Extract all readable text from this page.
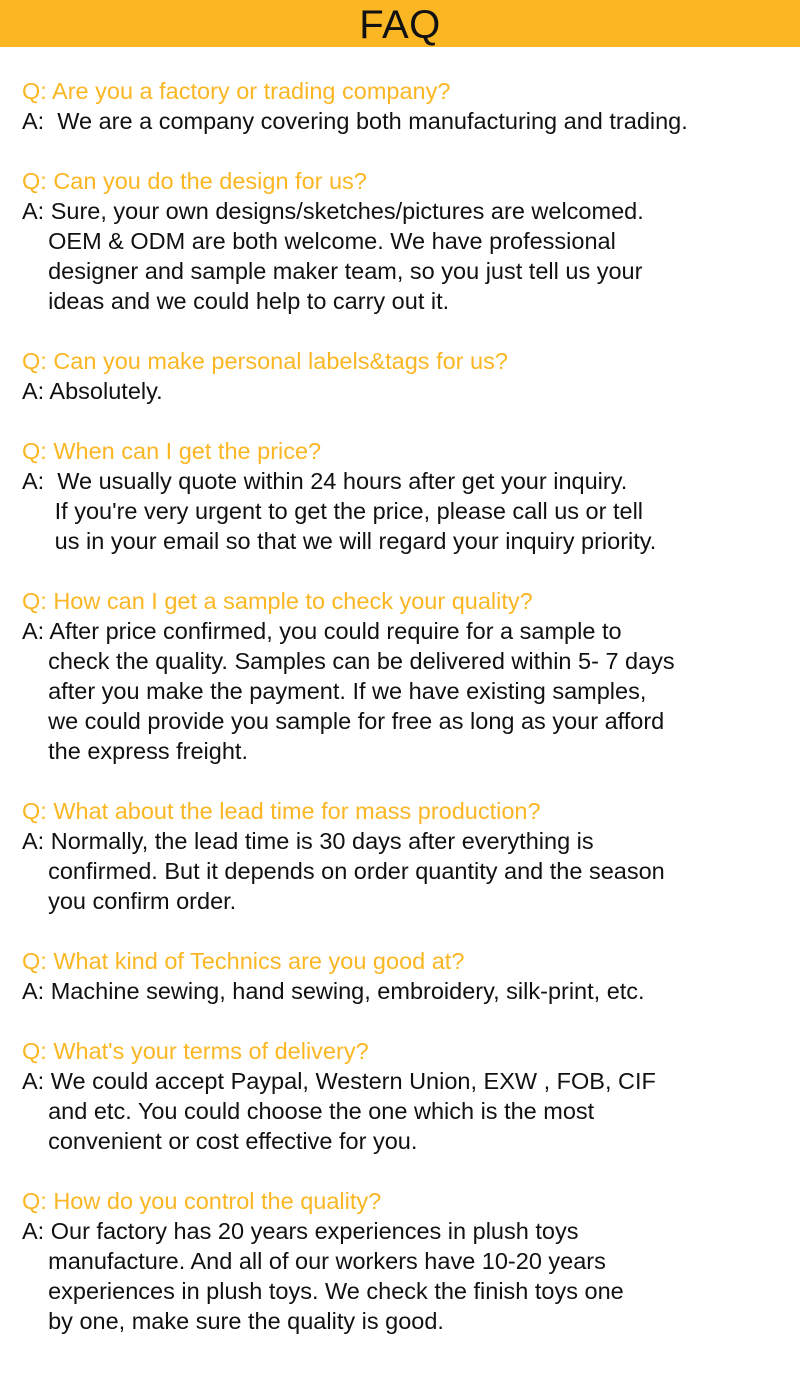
FAQ
Q: Are you a factory or trading company?
A:  We are a company covering both manufacturing and trading.
Q: Can you do the design for us?
A: Sure, your own designs/sketches/pictures are welcomed.
OEM & ODM are both welcome. We have professional
designer and sample maker team, so you just tell us your
ideas and we could help to carry out it.
Q: Can you make personal labels&tags for us?
A: Absolutely.
Q: When can I get the price?
A:  We usually quote within 24 hours after get your inquiry.
If you're very urgent to get the price, please call us or tell
us in your email so that we will regard your inquiry priority.
Q: How can I get a sample to check your quality?
A: After price confirmed, you could require for a sample to
check the quality. Samples can be delivered within 5- 7 days
after you make the payment. If we have existing samples,
we could provide you sample for free as long as your afford
the express freight.
Q: What about the lead time for mass production?
A: Normally, the lead time is 30 days after everything is
confirmed. But it depends on order quantity and the season
you confirm order.
Q: What kind of Technics are you good at?
A: Machine sewing, hand sewing, embroidery, silk-print, etc.
Q: What's your terms of delivery?
A: We could accept Paypal, Western Union, EXW , FOB, CIF
and etc. You could choose the one which is the most
convenient or cost effective for you.
Q: How do you control the quality?
A: Our factory has 20 years experiences in plush toys
manufacture. And all of our workers have 10-20 years
experiences in plush toys. We check the finish toys one
by one, make sure the quality is good.
